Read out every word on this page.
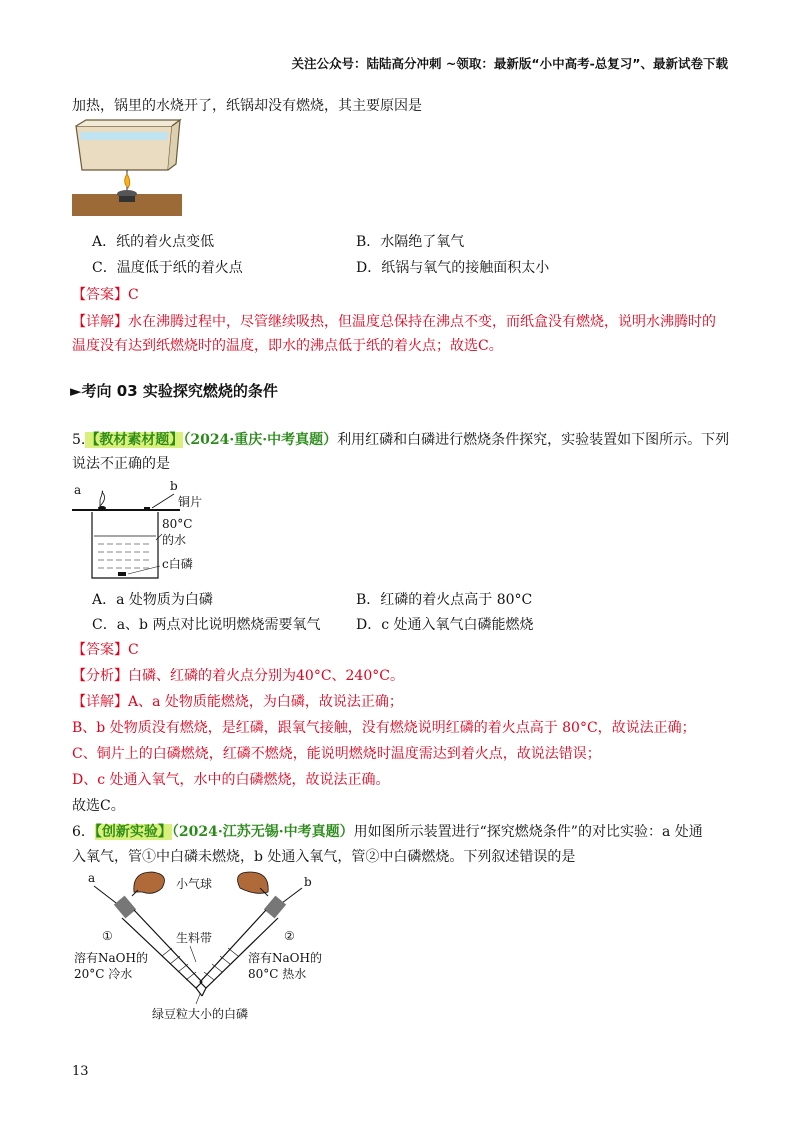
关注公众号：陆陆高分冲刺 ~领取：最新版“小中高考-总复习”、最新试卷下载
加热，锅里的水烧开了，纸锅却没有燃烧，其主要原因是
A．纸的着火点变低	B．水隔绝了氧气
C．温度低于纸的着火点	D．纸锅与氧气的接触面积太小
【答案】C
【详解】水在沸腾过程中，尽管继续吸热，但温度总保持在沸点不变，而纸盒没有燃烧，说明水沸腾时的
温度没有达到纸燃烧时的温度，即水的沸点低于纸的着火点；故选C。
►考向 03 实验探究燃烧的条件
5.【教材素材题】（2024·重庆·中考真题）利用红磷和白磷进行燃烧条件探究，实验装置如下图所示。下列
说法不正确的是
a	b
铜片
80°C
的水
c白磷
A．a 处物质为白磷	B．红磷的着火点高于 80°C
C．a、b 两点对比说明燃烧需要氧气	D．c 处通入氧气白磷能燃烧
【答案】C
【分析】白磷、红磷的着火点分别为40°C、240°C。
【详解】A、a 处物质能燃烧，为白磷，故说法正确；
B、b 处物质没有燃烧，是红磷，跟氧气接触，没有燃烧说明红磷的着火点高于 80°C，故说法正确；
C、铜片上的白磷燃烧，红磷不燃烧，能说明燃烧时温度需达到着火点，故说法错误；
D、c 处通入氧气，水中的白磷燃烧，故说法正确。
故选C。
6．【创新实验】（2024·江苏无锡·中考真题）用如图所示装置进行“探究燃烧条件”的对比实验：a 处通
入氧气，管①中白磷未燃烧，b 处通入氧气，管②中白磷燃烧。下列叙述错误的是
小气球
a	b
①	②
生料带
溶有NaOH的
20°C 冷水
溶有NaOH的
80°C 热水
绿豆粒大小的白磷
13
